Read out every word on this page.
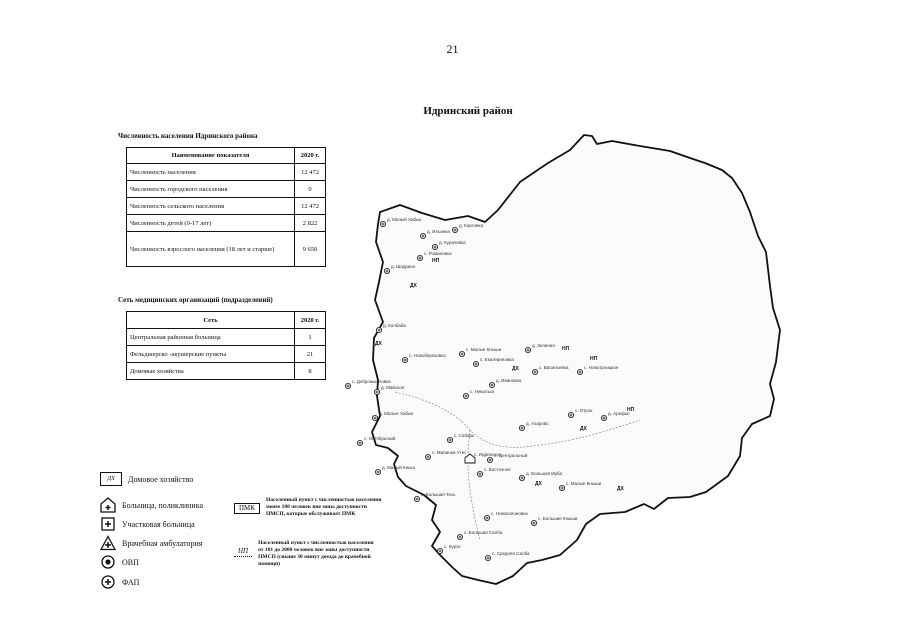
21
Идринский район
Численность населения Идринского района
Наименование показателя	2020 г.
Численность населения	12 472
Численность городского населения	0
Численность сельского населения	12 472
Численность детей (0-17 лет)	2 822
Численность взрослого населения (18 лет и старше)	9 650
Сеть медицинских организаций (подразделений)
Сеть	2020 г.
Центральная районная больница	1
Фельдшерско -акушерские пункты	21
Домовые хозяйства	8
ДХ	Домовое хозяйство
Больница, поликлиника
Участковая больница
Врачебная амбулатория
ОВП
ФАП
ПМК
Населенный пункт с численностью населения менее 100 человек вне зоны доступности ПМСП, которые обслуживает ПМК
НП
Населенный пункт с численностью населения от 101 до 2000 человек вне зоны доступности ПМСП (свыше 30 минут доезда до врачебной помощи)
д. Малый Хабык
д. Ильинка
д. Курачевка
д. Кортовка
с. Романовка
д. Шадрино
д. Колбаба
с. Новоберезовка
с. Добромысловка
д. Майское
с. Малые Кныши
с. Екатериновка
д. Зеленая
с. Васильевка	с. Новотроицкое
д. Ивановка
с. Никольск
д. Малые Хабык
с. Октябрьский
с. Сабарь
д. Азарово
с. Отрок
д. Арефье
с. Малинов Утес с. Идринское
с. Центральный
с. Восточное
д. Большая Ирба
д. Малый Кныш
с. Малые Кныши
с. Большая Тесь
с. Новокопоновка
с. Большие Кныши
с. Большая Салба
с. Курск
с. Средняя Салба
ДХ
НП
НП
НП
НП
ДХ
ДХ
ДХ
ДХ
ДХ
